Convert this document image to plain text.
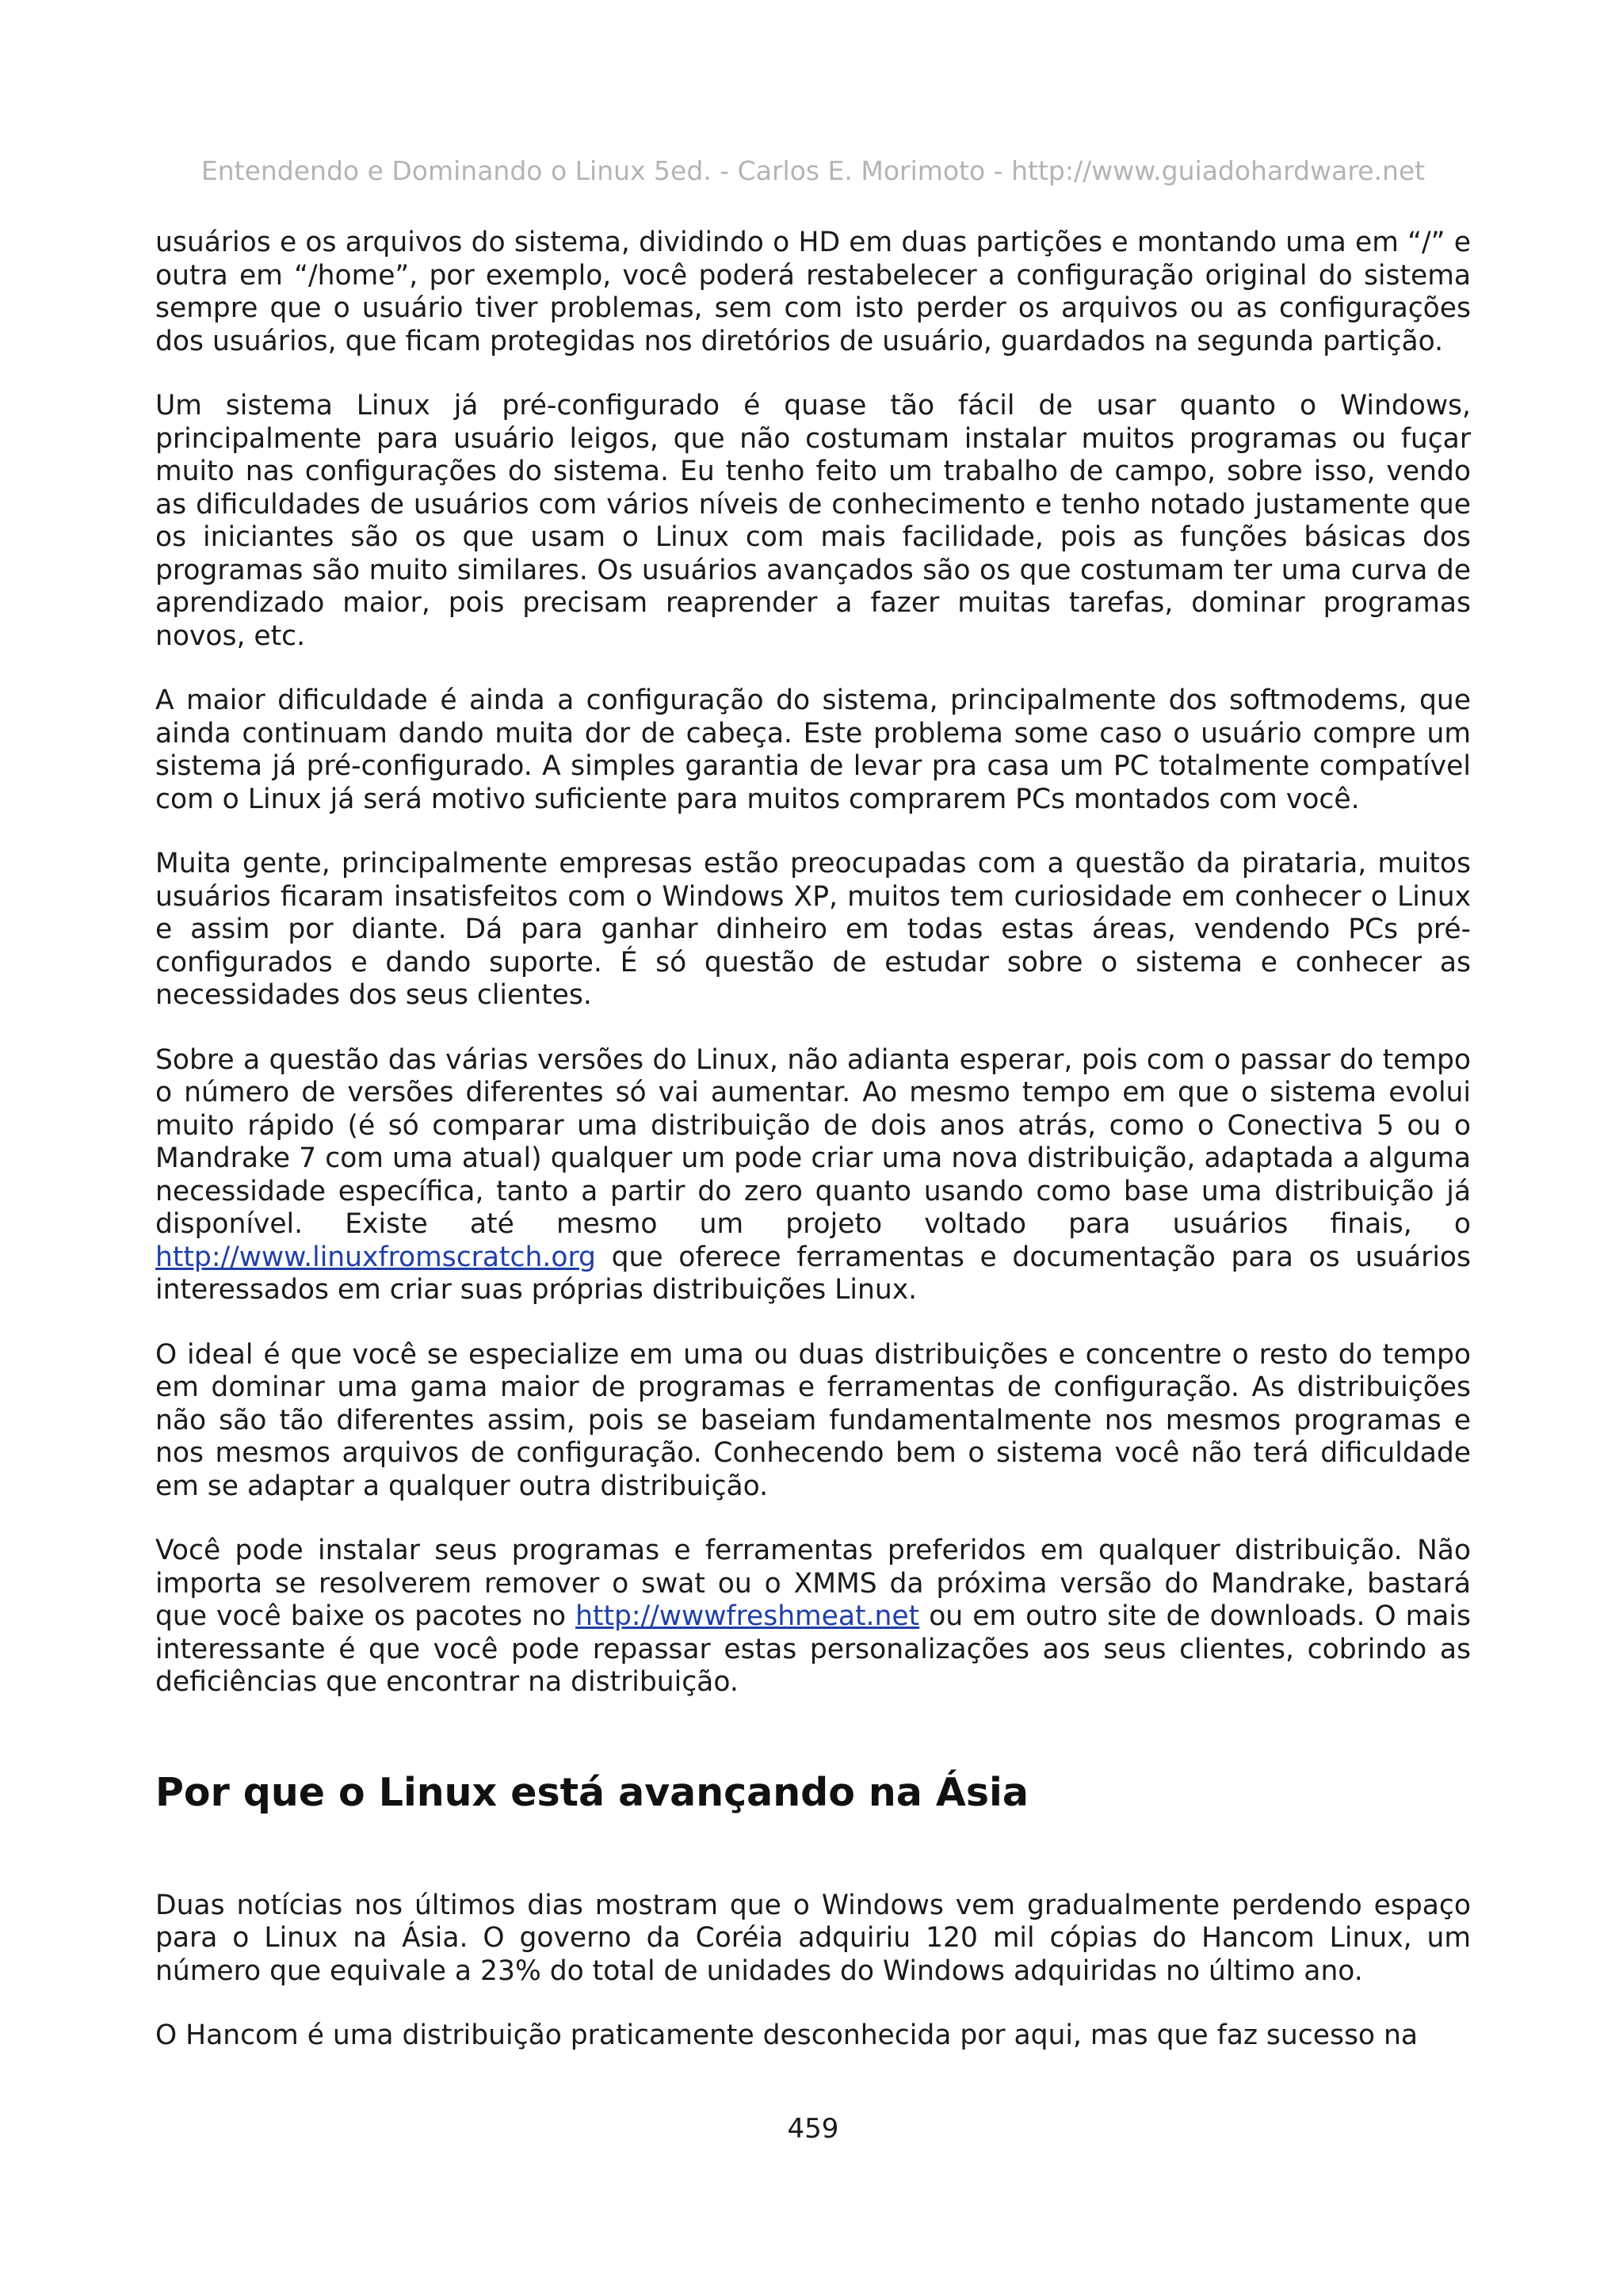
Entendendo e Dominando o Linux 5ed. - Carlos E. Morimoto - http://www.guiadohardware.net

usuários e os arquivos do sistema, dividindo o HD em duas partições e montando uma em “/” e outra em “/home”, por exemplo, você poderá restabelecer a configuração original do sistema sempre que o usuário tiver problemas, sem com isto perder os arquivos ou as configurações dos usuários, que ficam protegidas nos diretórios de usuário, guardados na segunda partição.

Um sistema Linux já pré-configurado é quase tão fácil de usar quanto o Windows, principalmente para usuário leigos, que não costumam instalar muitos programas ou fuçar muito nas configurações do sistema. Eu tenho feito um trabalho de campo, sobre isso, vendo as dificuldades de usuários com vários níveis de conhecimento e tenho notado justamente que os iniciantes são os que usam o Linux com mais facilidade, pois as funções básicas dos programas são muito similares. Os usuários avançados são os que costumam ter uma curva de aprendizado maior, pois precisam reaprender a fazer muitas tarefas, dominar programas novos, etc.

A maior dificuldade é ainda a configuração do sistema, principalmente dos softmodems, que ainda continuam dando muita dor de cabeça. Este problema some caso o usuário compre um sistema já pré-configurado. A simples garantia de levar pra casa um PC totalmente compatível com o Linux já será motivo suficiente para muitos comprarem PCs montados com você.

Muita gente, principalmente empresas estão preocupadas com a questão da pirataria, muitos usuários ficaram insatisfeitos com o Windows XP, muitos tem curiosidade em conhecer o Linux e assim por diante. Dá para ganhar dinheiro em todas estas áreas, vendendo PCs pré-configurados e dando suporte. É só questão de estudar sobre o sistema e conhecer as necessidades dos seus clientes.

Sobre a questão das várias versões do Linux, não adianta esperar, pois com o passar do tempo o número de versões diferentes só vai aumentar. Ao mesmo tempo em que o sistema evolui muito rápido (é só comparar uma distribuição de dois anos atrás, como o Conectiva 5 ou o Mandrake 7 com uma atual) qualquer um pode criar uma nova distribuição, adaptada a alguma necessidade específica, tanto a partir do zero quanto usando como base uma distribuição já disponível. Existe até mesmo um projeto voltado para usuários finais, o http://www.linuxfromscratch.org que oferece ferramentas e documentação para os usuários interessados em criar suas próprias distribuições Linux.

O ideal é que você se especialize em uma ou duas distribuições e concentre o resto do tempo em dominar uma gama maior de programas e ferramentas de configuração. As distribuições não são tão diferentes assim, pois se baseiam fundamentalmente nos mesmos programas e nos mesmos arquivos de configuração. Conhecendo bem o sistema você não terá dificuldade em se adaptar a qualquer outra distribuição.

Você pode instalar seus programas e ferramentas preferidos em qualquer distribuição. Não importa se resolverem remover o swat ou o XMMS da próxima versão do Mandrake, bastará que você baixe os pacotes no http://wwwfreshmeat.net ou em outro site de downloads. O mais interessante é que você pode repassar estas personalizações aos seus clientes, cobrindo as deficiências que encontrar na distribuição.

Por que o Linux está avançando na Ásia

Duas notícias nos últimos dias mostram que o Windows vem gradualmente perdendo espaço para o Linux na Ásia. O governo da Coréia adquiriu 120 mil cópias do Hancom Linux, um número que equivale a 23% do total de unidades do Windows adquiridas no último ano.

O Hancom é uma distribuição praticamente desconhecida por aqui, mas que faz sucesso na

459
